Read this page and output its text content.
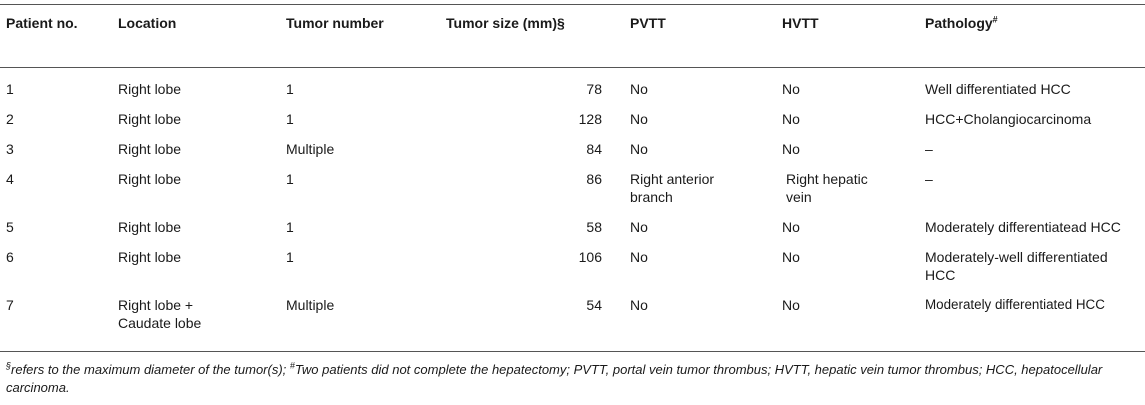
Patient no.	Location	Tumor number	Tumor size (mm)§	PVTT	HVTT	Pathology#
1	Right lobe	1	78	No	No	Well differentiated HCC
2	Right lobe	1	128	No	No	HCC+Cholangiocarcinoma
3	Right lobe	Multiple	84	No	No	–
4	Right lobe	1	86	Right anterior branch	Right hepatic vein	–
5	Right lobe	1	58	No	No	Moderately differentiatead HCC
6	Right lobe	1	106	No	No	Moderately-well differentiated HCC
7	Right lobe + Caudate lobe	Multiple	54	No	No	Moderately differentiated HCC
§refers to the maximum diameter of the tumor(s); #Two patients did not complete the hepatectomy; PVTT, portal vein tumor thrombus; HVTT, hepatic vein tumor thrombus; HCC, hepatocellular carcinoma.
